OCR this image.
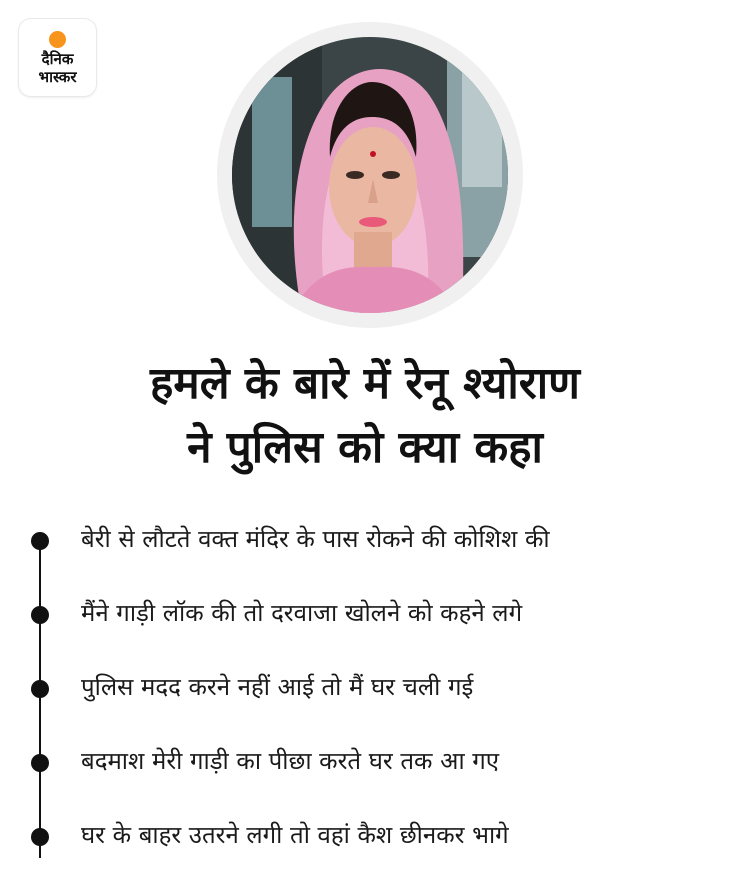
दैनिक
भास्कर
हमले के बारे में रेनू श्योराण
ने पुलिस को क्या कहा
बेरी से लौटते वक्त मंदिर के पास रोकने की कोशिश की
मैंने गाड़ी लॉक की तो दरवाजा खोलने को कहने लगे
पुलिस मदद करने नहीं आई तो मैं घर चली गई
बदमाश मेरी गाड़ी का पीछा करते घर तक आ गए
घर के बाहर उतरने लगी तो वहां कैश छीनकर भागे
